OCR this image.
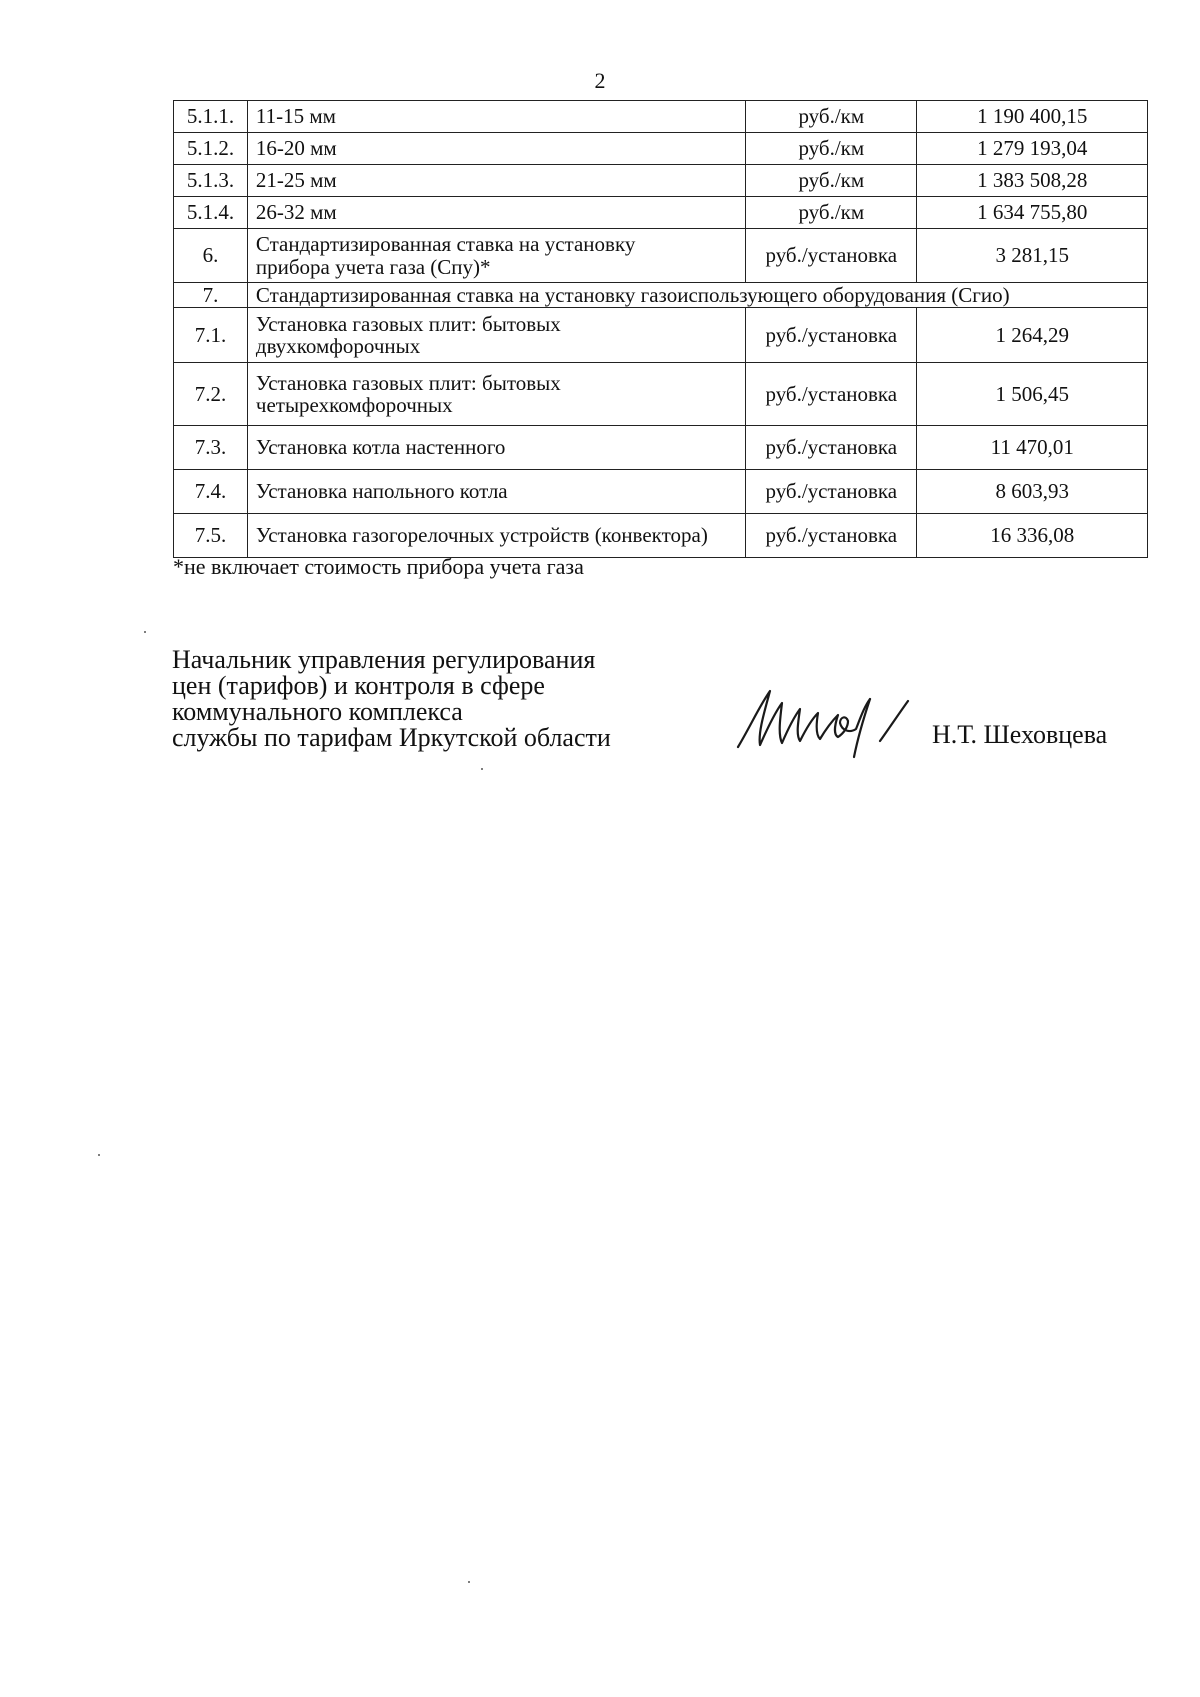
2
5.1.1.	11-15 мм	руб./км	1 190 400,15
5.1.2.	16-20 мм	руб./км	1 279 193,04
5.1.3.	21-25 мм	руб./км	1 383 508,28
5.1.4.	26-32 мм	руб./км	1 634 755,80
6.	Стандартизированная ставка на установку
прибора учета газа (Спу)*	руб./установка	3 281,15
7.	Стандартизированная ставка на установку газоиспользующего оборудования (Сгио)		
7.1.	Установка газовых плит: бытовых
двухкомфорочных	руб./установка	1 264,29
7.2.	Установка газовых плит: бытовых
четырехкомфорочных	руб./установка	1 506,45
7.3.	Установка котла настенного	руб./установка	11 470,01
7.4.	Установка напольного котла	руб./установка	8 603,93
7.5.	Установка газогорелочных устройств (конвектора)	руб./установка	16 336,08
*не включает стоимость прибора учета газа
Начальник управления регулирования
цен (тарифов) и контроля в сфере
коммунального комплекса
службы по тарифам Иркутской области	Н.Т. Шеховцева
